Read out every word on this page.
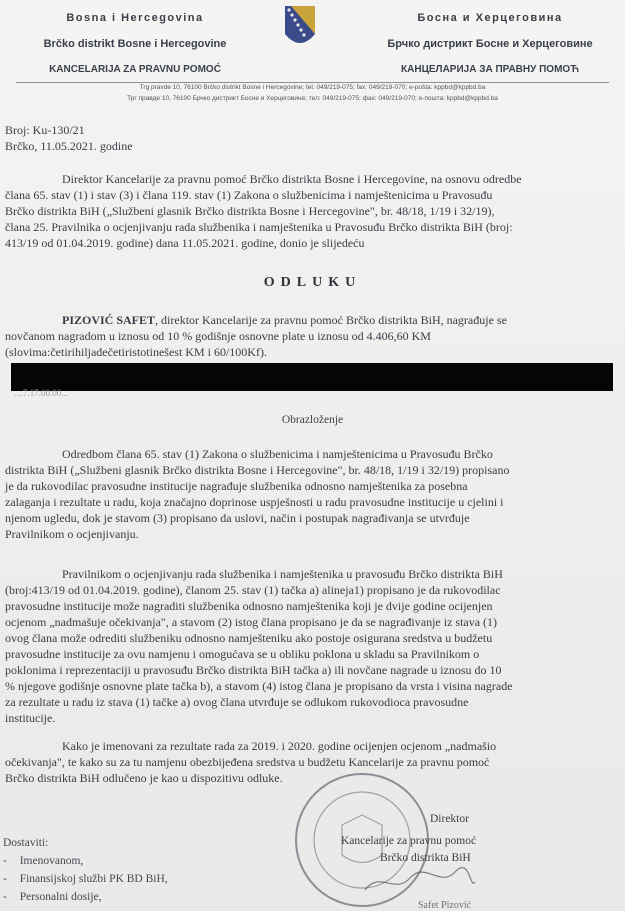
Bosna i Hercegovina
Brčko distrikt Bosne i Hercegovine
KANCELARIJA ZA PRAVNU POMOĆ
Босна и Херцеговина
Брчко дистрикт Босне и Херцеговине
КАНЦЕЛАРИЈА ЗА ПРАВНУ ПОМОЋ
Trg pravde 10, 76100 Brčko distrikt Bosne i Hercegovine; tel: 049/219-075; fax: 049/219-070; e-pošta: kppbd@kppbd.ba
Трг правде 10, 76100 Брчко дистрикт Босне и Херцеговине; тел: 049/219-075; фах: 049/219-070; е-пошта: kppbd@kppbd.ba
Broj: Ku-130/21
Brčko, 11.05.2021. godine
Direktor Kancelarije za pravnu pomoć Brčko distrikta Bosne i Hercegovine, na osnovu odredbe
člana 65. stav (1) i stav (3) i člana 119. stav (1) Zakona o službenicima i namještenicima u Pravosuđu
Brčko distrikta BiH („Službeni glasnik Brčko distrikta Bosne i Hercegovine", br. 48/18, 1/19 i 32/19),
člana 25. Pravilnika o ocjenjivanju rada službenika i namještenika u Pravosuđu Brčko distrikta BiH (broj:
413/19 od 01.04.2019. godine) dana 11.05.2021. godine, donio je slijedeću
ODLUKU
PIZOVIĆ SAFET, direktor Kancelarije za pravnu pomoć Brčko distrikta BiH, nagrađuje se
novčanom nagradom u iznosu od 10 % godišnje osnovne plate u iznosu od 4.406,60 KM
(slovima:četirihiljadečetiristotinešest KM i 60/100Kf).
....7.17.00.00...
Obrazloženje
Odredbom člana 65. stav (1) Zakona o službenicima i namještenicima u Pravosuđu Brčko
distrikta BiH („Službeni glasnik Brčko distrikta Bosne i Hercegovine", br. 48/18, 1/19 i 32/19) propisano
je da rukovodilac pravosudne institucije nagrađuje službenika odnosno namještenika za posebna
zalaganja i rezultate u radu, koja značajno doprinose uspješnosti u radu pravosudne institucije u cjelini i
njenom ugledu, dok je stavom (3) propisano da uslovi, način i postupak nagrađivanja se utvrđuje
Pravilnikom o ocjenjivanju.
Pravilnikom o ocjenjivanju rada službenika i namještenika u pravosuđu Brčko distrikta BiH
(broj:413/19 od 01.04.2019. godine), članom 25. stav (1) tačka a) alineja1) propisano je da rukovodilac
pravosudne institucije može nagraditi službenika odnosno namještenika koji je dvije godine ocijenjen
ocjenom „nadmašuje očekivanja", a stavom (2) istog člana propisano je da se nagrađivanje iz stava (1)
ovog člana može odrediti službeniku odnosno namješteniku ako postoje osigurana sredstva u budžetu
pravosudne institucije za ovu namjenu i omogućava se u obliku poklona u skladu sa Pravilnikom o
poklonima i reprezentaciji u pravosuđu Brčko distrikta BiH tačka a) ili novčane nagrade u iznosu do 10
% njegove godišnje osnovne plate tačka b), a stavom (4) istog člana je propisano da vrsta i visina nagrade
za rezultate u radu iz stava (1) tačke a) ovog člana utvrđuje se odlukom rukovodioca pravosudne
institucije.
Kako je imenovani za rezultate rada za 2019. i 2020. godine ocijenjen ocjenom „nadmašio
očekivanja", te kako su za tu namjenu obezbijeđena sredstva u budžetu Kancelarije za pravnu pomoć
Brčko distrikta BiH odlučeno je kao u dispozitivu odluke.
Direktor
Kancelarije za pravnu pomoć
Brčko distrikta BiH
Safet Pizović
Dostaviti:
- Imenovanom,
- Finansijskoj službi PK BD BiH,
- Personalni dosije,
